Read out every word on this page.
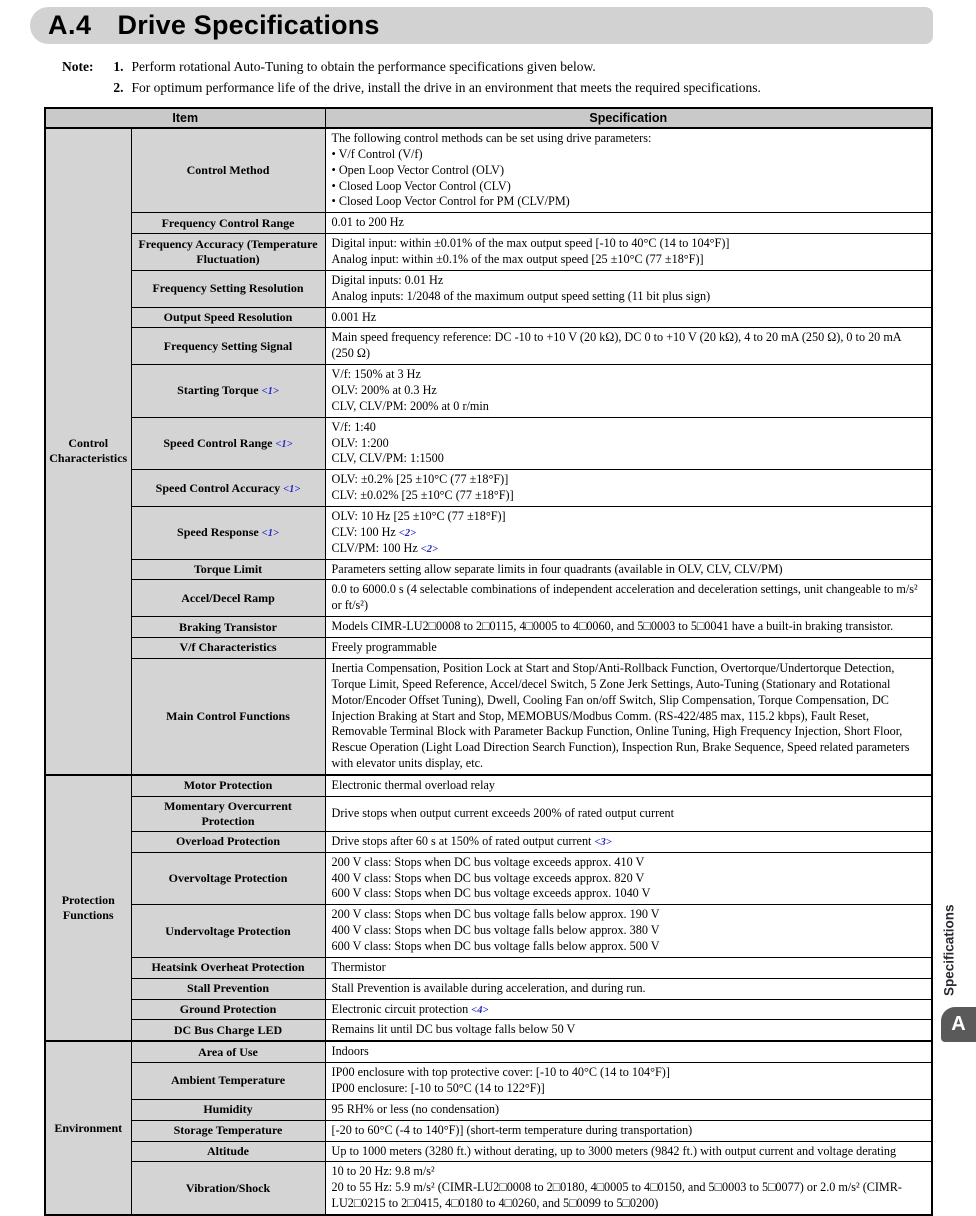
A.4 Drive Specifications
Note:	1. Perform rotational Auto-Tuning to obtain the performance specifications given below.
2. For optimum performance life of the drive, install the drive in an environment that meets the required specifications.
Item		Specification
Control Characteristics	Control Method	The following control methods can be set using drive parameters:
• V/f Control (V/f)
• Open Loop Vector Control (OLV)
• Closed Loop Vector Control (CLV)
• Closed Loop Vector Control for PM (CLV/PM)

	Frequency Control Range	0.01 to 200 Hz

	Frequency Accuracy (Temperature Fluctuation)	Digital input: within ±0.01% of the max output speed [-10 to 40°C (14 to 104°F)]
Analog input: within ±0.1% of the max output speed [25 ±10°C (77 ±18°F)]

	Frequency Setting Resolution	Digital inputs: 0.01 Hz
Analog inputs: 1/2048 of the maximum output speed setting (11 bit plus sign)

	Output Speed Resolution	0.001 Hz

	Frequency Setting Signal	Main speed frequency reference: DC -10 to +10 V (20 kΩ), DC 0 to +10 V (20 kΩ), 4 to 20 mA (250 Ω), 0 to 20 mA (250 Ω)

	Starting Torque <1>	V/f: 150% at 3 Hz
OLV: 200% at 0.3 Hz
CLV, CLV/PM: 200% at 0 r/min

	Speed Control Range <1>	V/f: 1:40
OLV: 1:200
CLV, CLV/PM: 1:1500

	Speed Control Accuracy <1>	OLV: ±0.2% [25 ±10°C (77 ±18°F)]
CLV: ±0.02% [25 ±10°C (77 ±18°F)]

	Speed Response <1>	OLV: 10 Hz [25 ±10°C (77 ±18°F)]
CLV: 100 Hz <2>
CLV/PM: 100 Hz <2>

	Torque Limit	Parameters setting allow separate limits in four quadrants (available in OLV, CLV, CLV/PM)

	Accel/Decel Ramp	0.0 to 6000.0 s (4 selectable combinations of independent acceleration and deceleration settings, unit changeable to m/s² or ft/s²)

	Braking Transistor	Models CIMR-LU2□0008 to 2□0115, 4□0005 to 4□0060, and 5□0003 to 5□0041 have a built-in braking transistor.

	V/f Characteristics	Freely programmable

	Main Control Functions	Inertia Compensation, Position Lock at Start and Stop/Anti-Rollback Function, Overtorque/Undertorque Detection, Torque Limit, Speed Reference, Accel/decel Switch, 5 Zone Jerk Settings, Auto-Tuning (Stationary and Rotational Motor/Encoder Offset Tuning), Dwell, Cooling Fan on/off Switch, Slip Compensation, Torque Compensation, DC Injection Braking at Start and Stop, MEMOBUS/Modbus Comm. (RS-422/485 max, 115.2 kbps), Fault Reset, Removable Terminal Block with Parameter Backup Function, Online Tuning, High Frequency Injection, Short Floor, Rescue Operation (Light Load Direction Search Function), Inspection Run, Brake Sequence, Speed related parameters with elevator units display, etc.

Protection Functions	Motor Protection	Electronic thermal overload relay

	Momentary Overcurrent Protection	Drive stops when output current exceeds 200% of rated output current

	Overload Protection	Drive stops after 60 s at 150% of rated output current <3>

	Overvoltage Protection	200 V class: Stops when DC bus voltage exceeds approx. 410 V
400 V class: Stops when DC bus voltage exceeds approx. 820 V
600 V class: Stops when DC bus voltage exceeds approx. 1040 V

	Undervoltage Protection	200 V class: Stops when DC bus voltage falls below approx. 190 V
400 V class: Stops when DC bus voltage falls below approx. 380 V
600 V class: Stops when DC bus voltage falls below approx. 500 V

	Heatsink Overheat Protection	Thermistor

	Stall Prevention	Stall Prevention is available during acceleration, and during run.

	Ground Protection	Electronic circuit protection <4>

	DC Bus Charge LED	Remains lit until DC bus voltage falls below 50 V

Environment	Area of Use	Indoors

	Ambient Temperature	IP00 enclosure with top protective cover: [-10 to 40°C (14 to 104°F)]
IP00 enclosure: [-10 to 50°C (14 to 122°F)]

	Humidity	95 RH% or less (no condensation)

	Storage Temperature	[-20 to 60°C (-4 to 140°F)] (short-term temperature during transportation)

	Altitude	Up to 1000 meters (3280 ft.) without derating, up to 3000 meters (9842 ft.) with output current and voltage derating

	Vibration/Shock	10 to 20 Hz: 9.8 m/s²
20 to 55 Hz: 5.9 m/s² (CIMR-LU2□0008 to 2□0180, 4□0005 to 4□0150, and 5□0003 to 5□0077) or 2.0 m/s² (CIMR-LU2□0215 to 2□0415, 4□0180 to 4□0260, and 5□0099 to 5□0200)
Specifications
A
